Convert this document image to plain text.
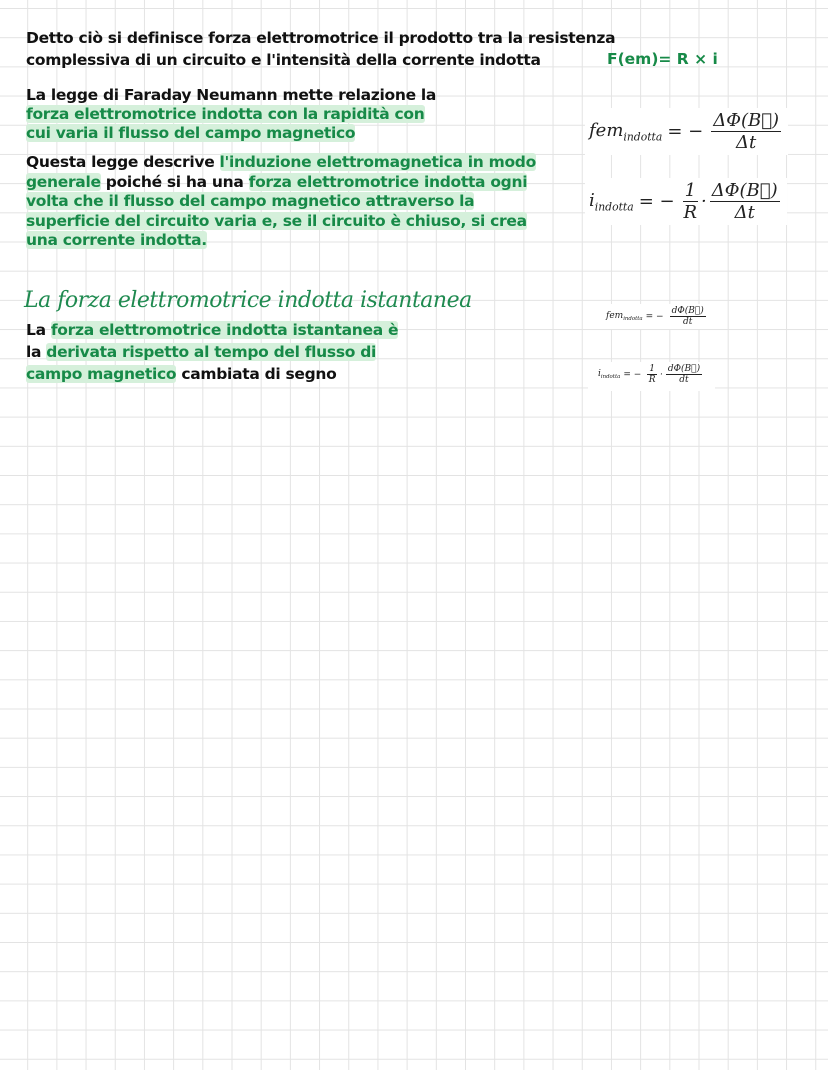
Detto ciò si definisce forza elettromotrice il prodotto tra la resistenza
complessiva di un circuito e l'intensità della corrente indotta
La legge di Faraday Neumann mette relazione la
forza elettromotrice indotta con la rapidità con
cui varia il flusso del campo magnetico
Questa legge descrive l'induzione elettromagnetica in modo
generale poiché si ha una forza elettromotrice indotta ogni
volta che il flusso del campo magnetico attraverso la
superficie del circuito varia e, se il circuito è chiuso, si crea
una corrente indotta.
La forza elettromotrice indotta istantanea è
la derivata rispetto al tempo del flusso di
campo magnetico cambiata di segno
La forza elettromotrice indotta istantanea
F(em)= R × i
fem$_{indotta}$ = − $\frac{\Delta\Phi(B⃗)}{\Delta t}$
$i_{indotta}$ = − $\frac{1}{R} \cdot \frac{\Delta\Phi(B⃗)}{\Delta t}$
fem$_{indotta}$ = − $\frac{d\Phi(B⃗)}{dt}$
$i_{indotta}$ = − $\frac{1}{R} \cdot \frac{d\Phi(B⃗)}{dt}$
